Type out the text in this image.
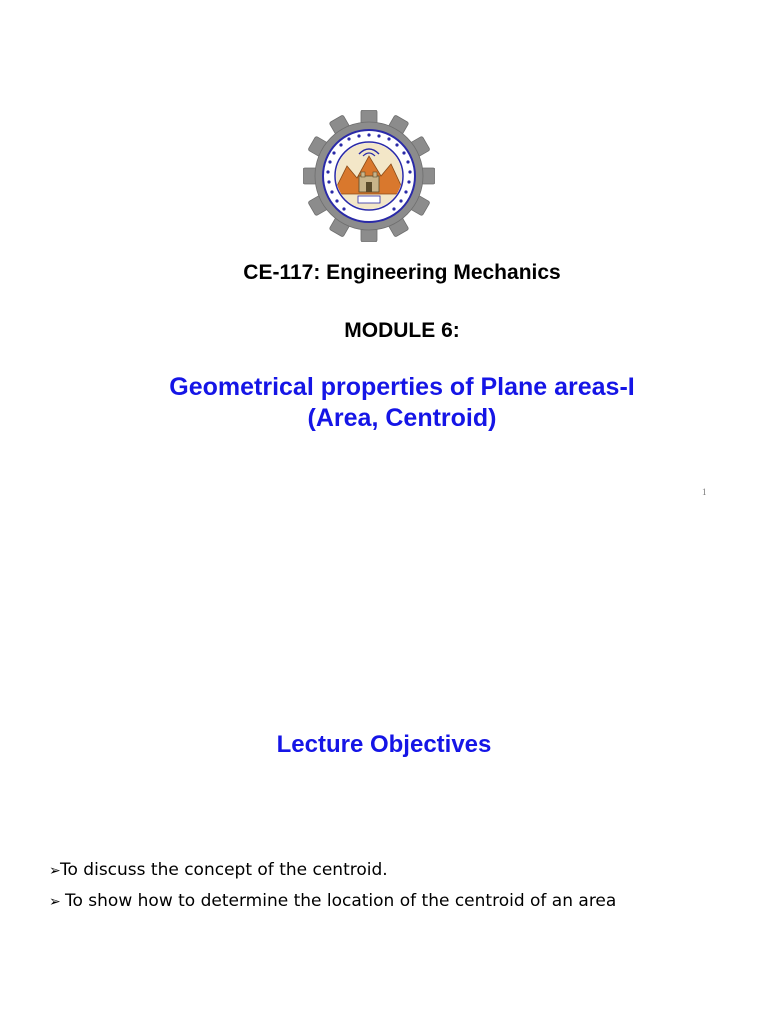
CE-117: Engineering Mechanics
MODULE 6:
Geometrical properties of Plane areas-I
(Area, Centroid)
1
Lecture Objectives
➢To discuss the concept of the centroid.
➢ To show how to determine the location of the centroid of an area
